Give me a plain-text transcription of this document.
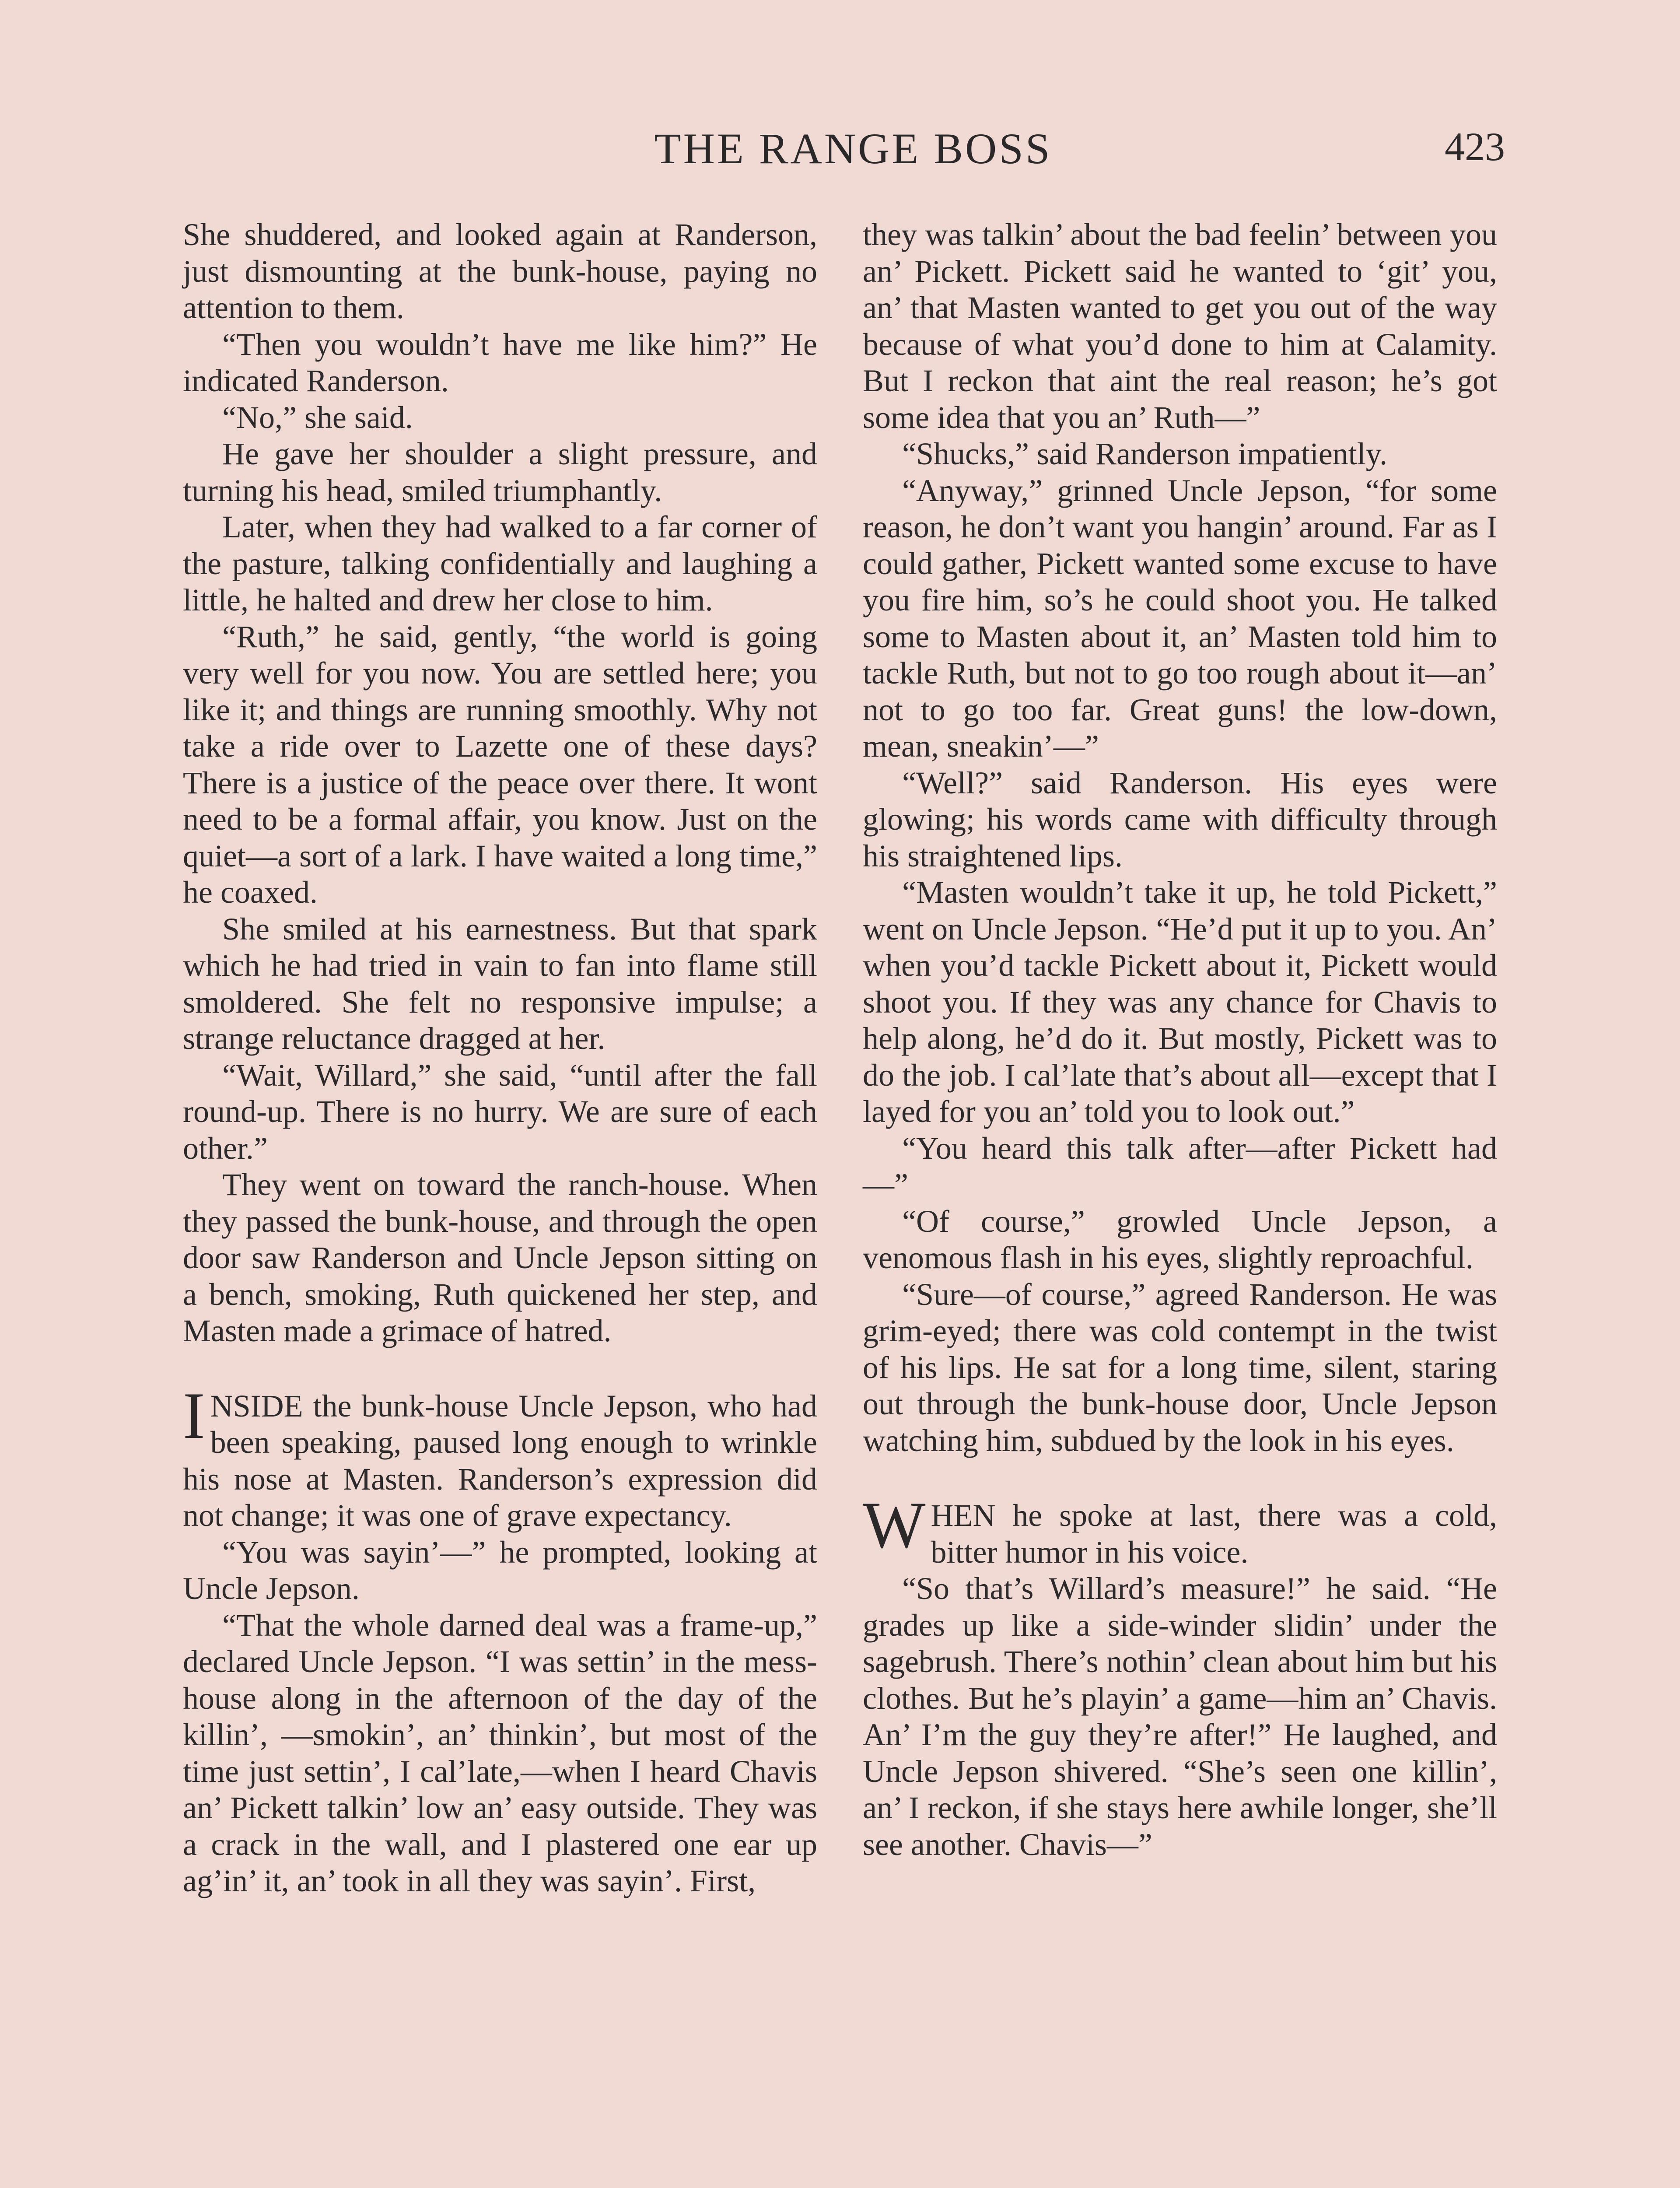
THE RANGE BOSS	423

She shuddered, and looked again at Randerson, just dismounting at the bunk-house, paying no attention to them.

“Then you wouldn’t have me like him?” He indicated Randerson.

“No,” she said.

He gave her shoulder a slight pressure, and turning his head, smiled triumphantly.

Later, when they had walked to a far corner of the pasture, talking confidentially and laughing a little, he halted and drew her close to him.

“Ruth,” he said, gently, “the world is going very well for you now. You are settled here; you like it; and things are running smoothly. Why not take a ride over to Lazette one of these days? There is a justice of the peace over there. It wont need to be a formal affair, you know. Just on the quiet—a sort of a lark. I have waited a long time,” he coaxed.

She smiled at his earnestness. But that spark which he had tried in vain to fan into flame still smoldered. She felt no responsive impulse; a strange reluctance dragged at her.

“Wait, Willard,” she said, “until after the fall round-up. There is no hurry. We are sure of each other.”

They went on toward the ranch-house. When they passed the bunk-house, and through the open door saw Randerson and Uncle Jepson sitting on a bench, smoking, Ruth quickened her step, and Masten made a grimace of hatred.

INSIDE the bunk-house Uncle Jepson, who had been speaking, paused long enough to wrinkle his nose at Masten. Randerson’s expression did not change; it was one of grave expectancy.

“You was sayin’—” he prompted, looking at Uncle Jepson.

“That the whole darned deal was a frame-up,” declared Uncle Jepson. “I was settin’ in the mess-house along in the afternoon of the day of the killin’, —smokin’, an’ thinkin’, but most of the time just settin’, I cal’late,—when I heard Chavis an’ Pickett talkin’ low an’ easy outside. They was a crack in the wall, and I plastered one ear up ag’in’ it, an’ took in all they was sayin’. First,

they was talkin’ about the bad feelin’ between you an’ Pickett. Pickett said he wanted to ‘git’ you, an’ that Masten wanted to get you out of the way because of what you’d done to him at Calamity. But I reckon that aint the real reason; he’s got some idea that you an’ Ruth—”

“Shucks,” said Randerson impatiently.

“Anyway,” grinned Uncle Jepson, “for some reason, he don’t want you hangin’ around. Far as I could gather, Pickett wanted some excuse to have you fire him, so’s he could shoot you. He talked some to Masten about it, an’ Masten told him to tackle Ruth, but not to go too rough about it—an’ not to go too far. Great guns! the low-down, mean, sneakin’—”

“Well?” said Randerson. His eyes were glowing; his words came with difficulty through his straightened lips.

“Masten wouldn’t take it up, he told Pickett,” went on Uncle Jepson. “He’d put it up to you. An’ when you’d tackle Pickett about it, Pickett would shoot you. If they was any chance for Chavis to help along, he’d do it. But mostly, Pickett was to do the job. I cal’late that’s about all—except that I layed for you an’ told you to look out.”

“You heard this talk after—after Pickett had—”

“Of course,” growled Uncle Jepson, a venomous flash in his eyes, slightly reproachful.

“Sure—of course,” agreed Randerson. He was grim-eyed; there was cold contempt in the twist of his lips. He sat for a long time, silent, staring out through the bunk-house door, Uncle Jepson watching him, subdued by the look in his eyes.

WHEN he spoke at last, there was a cold, bitter humor in his voice.

“So that’s Willard’s measure!” he said. “He grades up like a side-winder slidin’ under the sagebrush. There’s nothin’ clean about him but his clothes. But he’s playin’ a game—him an’ Chavis. An’ I’m the guy they’re after!” He laughed, and Uncle Jepson shivered. “She’s seen one killin’, an’ I reckon, if she stays here awhile longer, she’ll see another. Chavis—”
